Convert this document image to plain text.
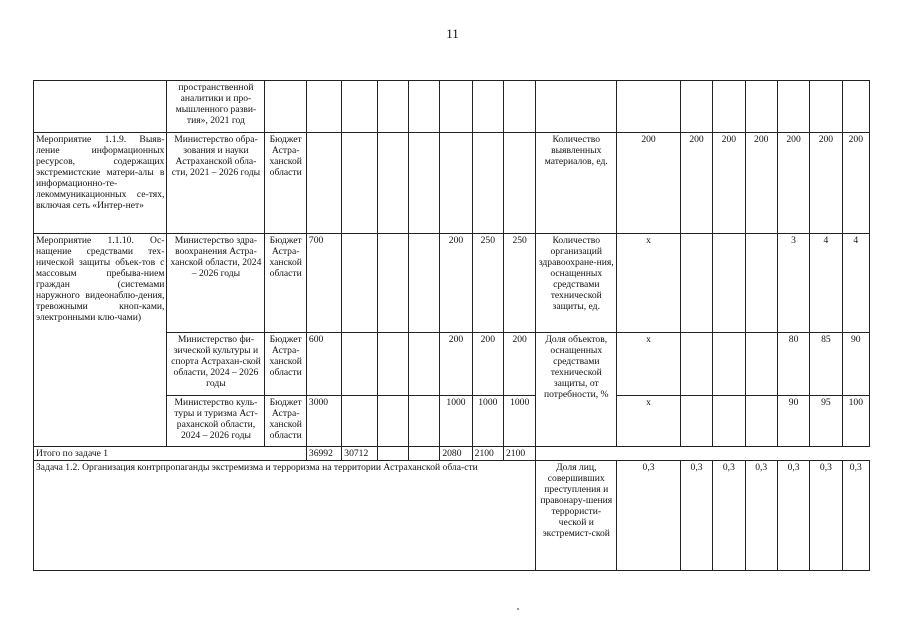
11
	пространственной аналитики и про-мышленного разви-тия», 2021 год																
Мероприятие 1.1.9. Выяв-ление информационных ресурсов, содержащих экстремистские матери-алы в информационно-те-лекоммуникационных се-тях, включая сеть «Интер-нет»	Министерство обра-зования и науки Астраханской обла-сти, 2021 – 2026 годы	Бюджет Астра-ханской области								Количество выявленных материалов, ед.	200	200	200	200	200	200	200
Мероприятие 1.1.10. Ос-нащение средствами тех-нической защиты объек-тов с массовым пребыва-нием граждан (системами наружного видеонаблю-дения, тревожными кноп-ками, электронными клю-чами)	Министерство здра-воохранения Астра-ханской области, 2024 – 2026 годы	Бюджет Астра-ханской области	700				200	250	250	Количество организаций здравоохране-ния, оснащенных средствами технической защиты, ед.	х				3	4	4
	Министерство фи-зической культуры и спорта Астрахан-ской области, 2024 – 2026 годы	Бюджет Астра-ханской области	600				200	200	200	Доля объектов, оснащенных средствами технической защиты, от потребности, %	х				80	85	90
	Министерство куль-туры и туризма Аст-раханской области, 2024 – 2026 годы	Бюджет Астра-ханской области	3000				1000	1000	1000		х				90	95	100
Итого по задаче 1			36992	30712			2080	2100	2100								
Задача 1.2. Организация контрпропаганды экстремизма и терроризма на территории Астраханской обла-сти										Доля лиц, совершивших преступления и правонару-шения террористи-ческой и экстремист-ской	0,3	0,3	0,3	0,3	0,3	0,3	0,3
